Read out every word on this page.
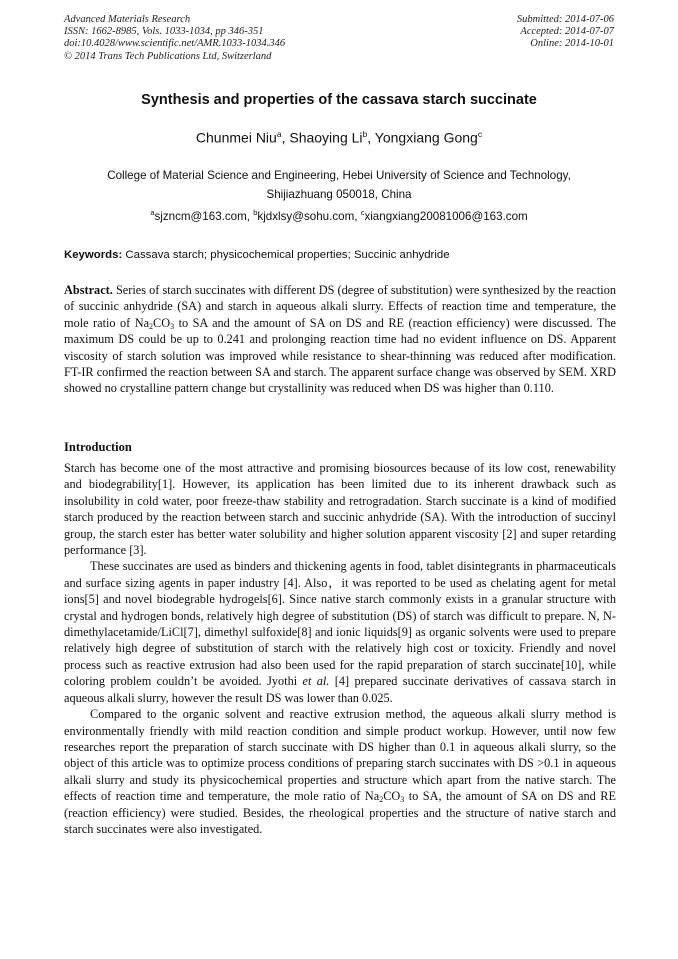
Advanced Materials Research
ISSN: 1662-8985, Vols. 1033-1034, pp 346-351
doi:10.4028/www.scientific.net/AMR.1033-1034.346
© 2014 Trans Tech Publications Ltd, Switzerland
Submitted: 2014-07-06
Accepted: 2014-07-07
Online: 2014-10-01
Synthesis and properties of the cassava starch succinate
Chunmei Niu$^a$, Shaoying Li$^b$, Yongxiang Gong$^c$
College of Material Science and Engineering, Hebei University of Science and Technology,
Shijiazhuang 050018, China
$^a$sjzncm@163.com, $^b$kjdxlsy@sohu.com, $^c$xiangxiang20081006@163.com
Keywords: Cassava starch; physicochemical properties; Succinic anhydride
Abstract. Series of starch succinates with different DS (degree of substitution) were synthesized by the reaction of succinic anhydride (SA) and starch in aqueous alkali slurry. Effects of reaction time and temperature, the mole ratio of $Na_2CO_3$ to SA and the amount of SA on DS and RE (reaction efficiency) were discussed. The maximum DS could be up to 0.241 and prolonging reaction time had no evident influence on DS. Apparent viscosity of starch solution was improved while resistance to shear-thinning was reduced after modification. FT-IR confirmed the reaction between SA and starch. The apparent surface change was observed by SEM. XRD showed no crystalline pattern change but crystallinity was reduced when DS was higher than 0.110.
Introduction

Starch has become one of the most attractive and promising biosources because of its low cost, renewability and biodegrability[1]. However, its application has been limited due to its inherent drawback such as insolubility in cold water, poor freeze-thaw stability and retrogradation. Starch succinate is a kind of modified starch produced by the reaction between starch and succinic anhydride (SA). With the introduction of succinyl group, the starch ester has better water solubility and higher solution apparent viscosity [2] and super retarding performance [3].

These succinates are used as binders and thickening agents in food, tablet disintegrants in pharmaceuticals and surface sizing agents in paper industry [4]. Also，it was reported to be used as chelating agent for metal ions[5] and novel biodegrable hydrogels[6]. Since native starch commonly exists in a granular structure with crystal and hydrogen bonds, relatively high degree of substitution (DS) of starch was difficult to prepare. N, N-dimethylacetamide/LiCl[7], dimethyl sulfoxide[8] and ionic liquids[9] as organic solvents were used to prepare relatively high degree of substitution of starch with the relatively high cost or toxicity. Friendly and novel process such as reactive extrusion had also been used for the rapid preparation of starch succinate[10], while coloring problem couldn’t be avoided. Jyothi et al. [4] prepared succinate derivatives of cassava starch in aqueous alkali slurry, however the result DS was lower than 0.025.

Compared to the organic solvent and reactive extrusion method, the aqueous alkali slurry method is environmentally friendly with mild reaction condition and simple product workup. However, until now few researches report the preparation of starch succinate with DS higher than 0.1 in aqueous alkali slurry, so the object of this article was to optimize process conditions of preparing starch succinates with DS >0.1 in aqueous alkali slurry and study its physicochemical properties and structure which apart from the native starch. The effects of reaction time and temperature, the mole ratio of $Na_2CO_3$ to SA, the amount of SA on DS and RE (reaction efficiency) were studied. Besides, the rheological properties and the structure of native starch and starch succinates were also investigated.
